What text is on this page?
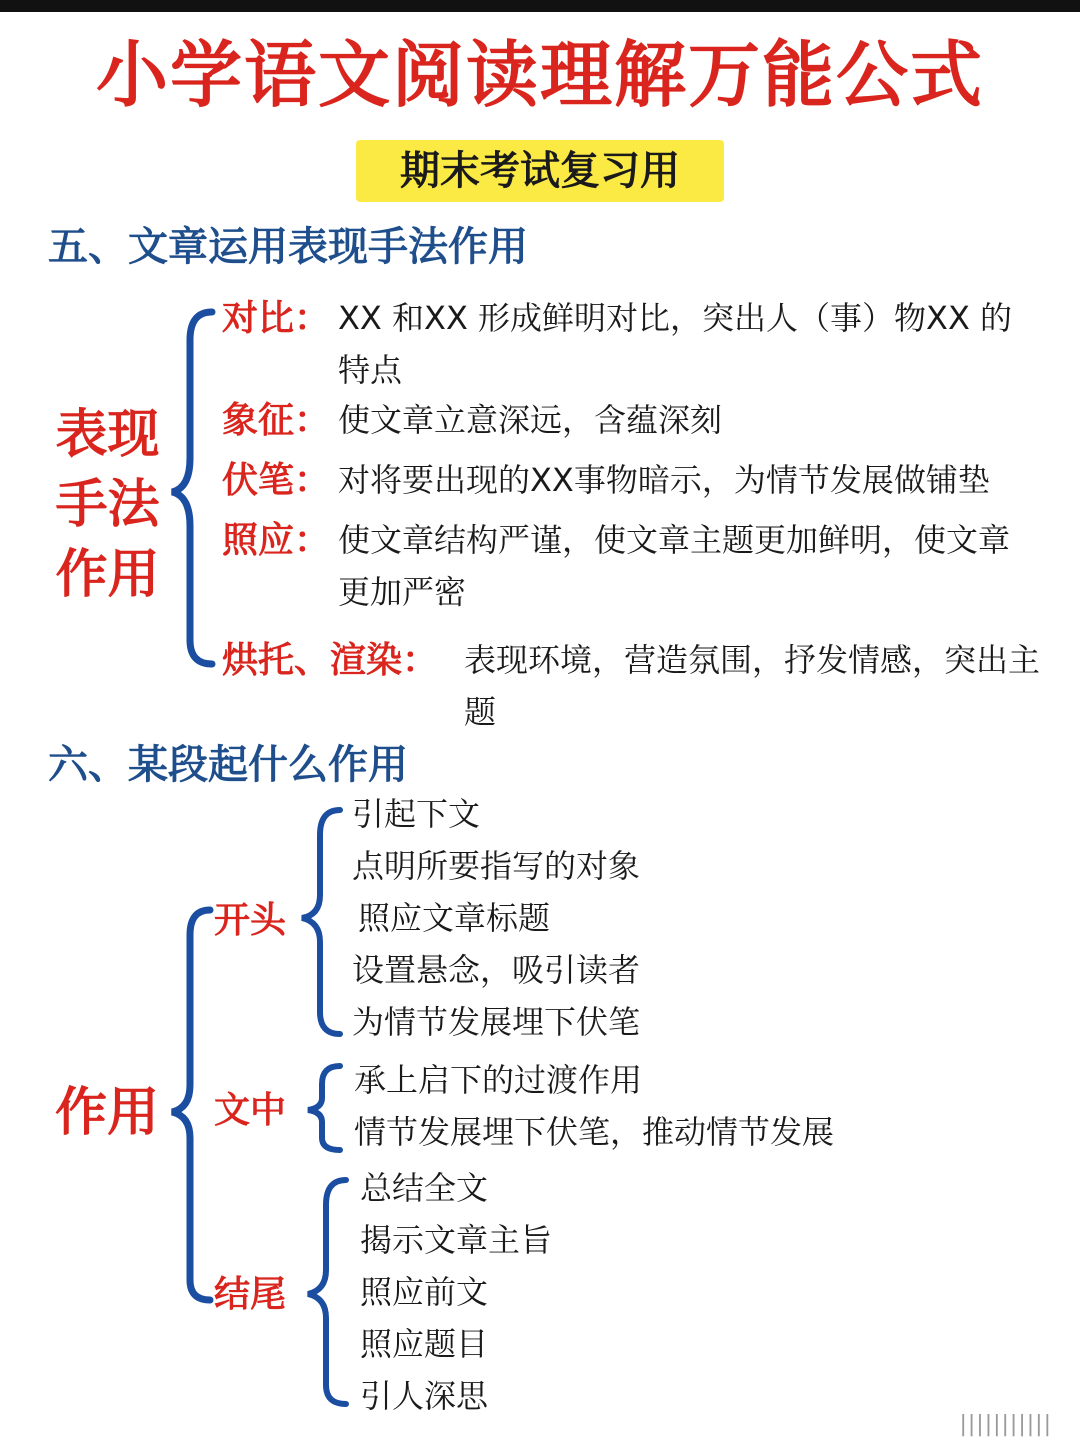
小学语文阅读理解万能公式
期末考试复习用
五、文章运用表现手法作用
表现手法作用
对比： XX 和XX 形成鲜明对比，突出人（事）物XX 的特点
象征： 使文章立意深远，含蕴深刻
伏笔： 对将要出现的XX事物暗示，为情节发展做铺垫
照应： 使文章结构严谨，使文章主题更加鲜明，使文章更加严密
烘托、渲染： 表现环境，营造氛围，抒发情感，突出主题
六、某段起什么作用
作用
开头
文中
结尾
引起下文
点明所要指写的对象
照应文章标题
设置悬念，吸引读者
为情节发展埋下伏笔
承上启下的过渡作用
情节发展埋下伏笔，推动情节发展
总结全文
揭示文章主旨
照应前文
照应题目
引人深思
|||||||||||
